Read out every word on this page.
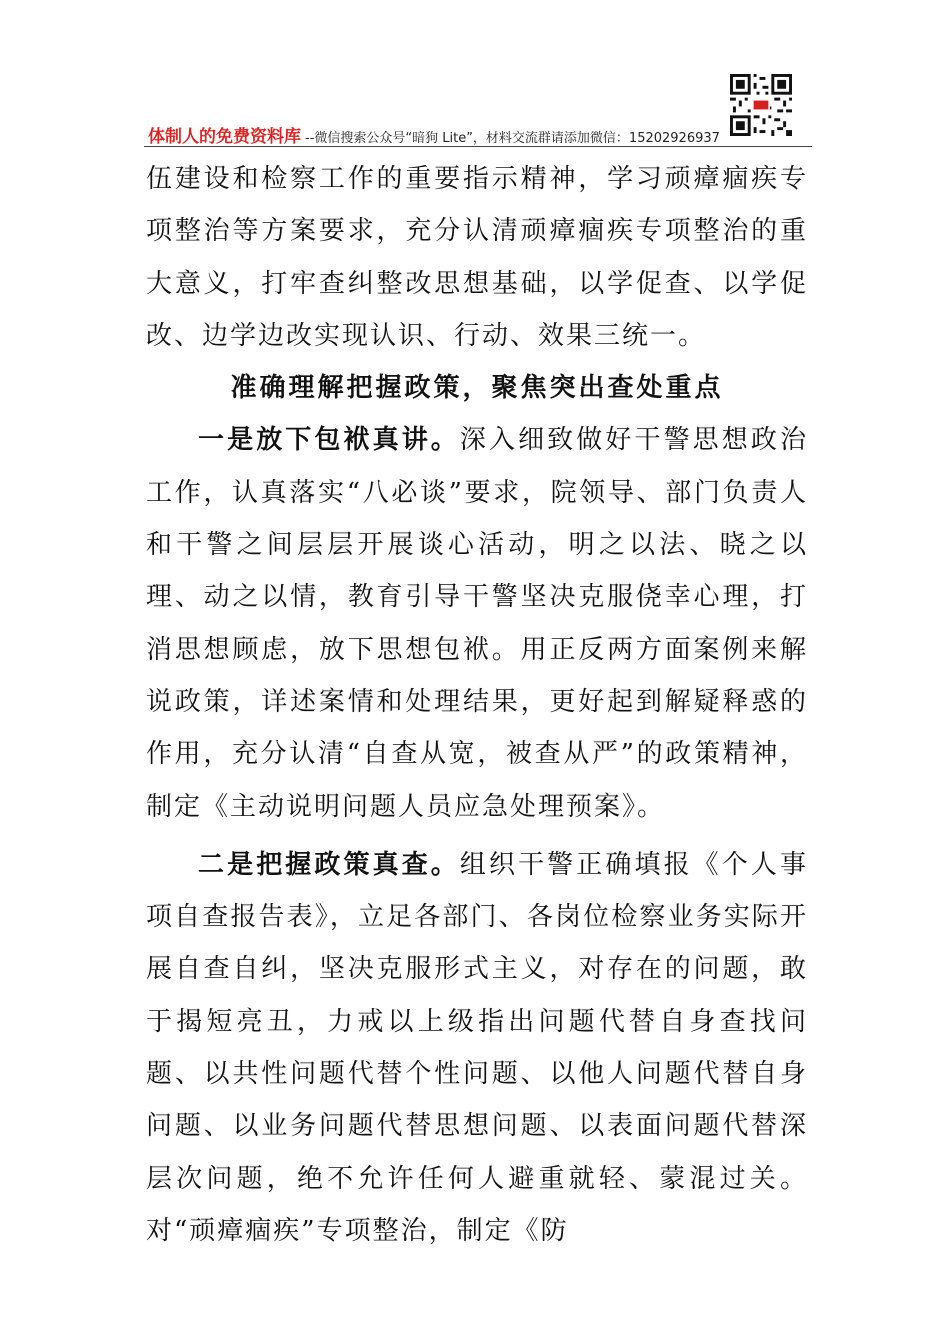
体制人的免费资料库 --微信搜索公众号“暗狗 Lite”，材料交流群请添加微信：15202926937

伍建设和检察工作的重要指示精神，学习顽瘴痼疾专项整治等方案要求，充分认清顽瘴痼疾专项整治的重大意义，打牢查纠整改思想基础，以学促查、以学促改、边学边改实现认识、行动、效果三统一。

准确理解把握政策，聚焦突出查处重点

一是放下包袱真讲。深入细致做好干警思想政治工作，认真落实“八必谈”要求，院领导、部门负责人和干警之间层层开展谈心活动，明之以法、晓之以理、动之以情，教育引导干警坚决克服侥幸心理，打消思想顾虑，放下思想包袱。用正反两方面案例来解说政策，详述案情和处理结果，更好起到解疑释惑的作用，充分认清“自查从宽，被查从严”的政策精神，制定《主动说明问题人员应急处理预案》。

二是把握政策真查。组织干警正确填报《个人事项自查报告表》，立足各部门、各岗位检察业务实际开展自查自纠，坚决克服形式主义，对存在的问题，敢于揭短亮丑，力戒以上级指出问题代替自身查找问题、以共性问题代替个性问题、以他人问题代替自身问题、以业务问题代替思想问题、以表面问题代替深层次问题，绝不允许任何人避重就轻、蒙混过关。对“顽瘴痼疾”专项整治，制定《防
